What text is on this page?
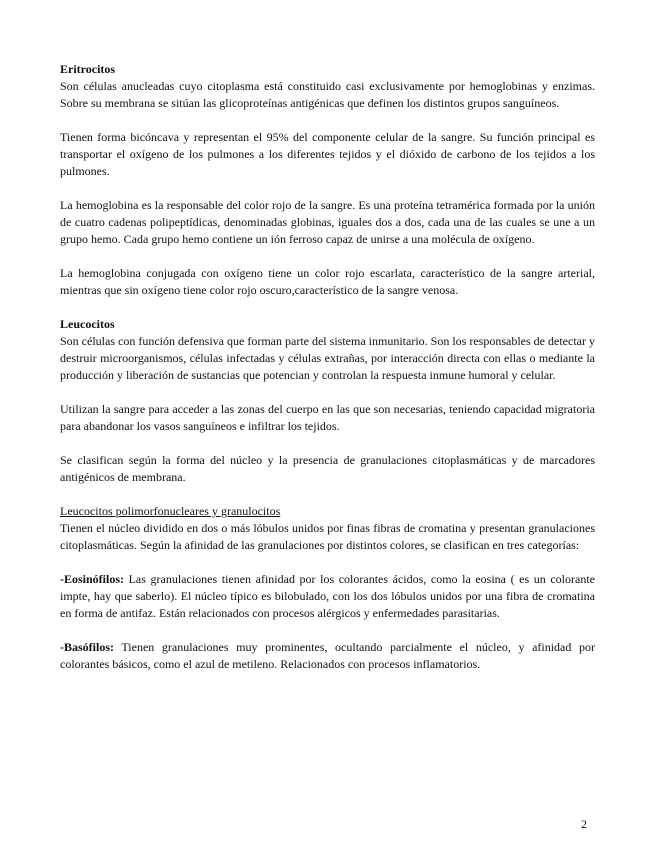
Eritrocitos

Son células anucleadas cuyo citoplasma está constituido casi exclusivamente por hemoglobinas y enzimas. Sobre su membrana se sitúan las glicoproteínas antigénicas que definen los distintos grupos sanguíneos.

Tienen forma bicóncava y representan el 95% del componente celular de la sangre. Su función principal es transportar el oxígeno de los pulmones a los diferentes tejidos y el dióxido de carbono de los tejidos a los pulmones.

La hemoglobina es la responsable del color rojo de la sangre. Es una proteína tetramérica formada por la unión de cuatro cadenas polipeptídicas, denominadas globinas, iguales dos a dos, cada una de las cuales se une a un grupo hemo. Cada grupo hemo contiene un ión ferroso capaz de unirse a una molécula de oxígeno.

La hemoglobina conjugada con oxígeno tiene un color rojo escarlata, característico de la sangre arterial, mientras que sin oxígeno tiene color rojo oscuro,característico de la sangre venosa.

Leucocitos

Son células con función defensiva que forman parte del sistema inmunitario. Son los responsables de detectar y destruir microorganismos, células infectadas y células extrañas, por interacción directa con ellas o mediante la producción y liberación de sustancias que potencian y controlan la respuesta inmune humoral y celular.

Utilizan la sangre para acceder a las zonas del cuerpo en las que son necesarias, teniendo capacidad migratoria para abandonar los vasos sanguíneos e infiltrar los tejidos.

Se clasifican según la forma del núcleo y la presencia de granulaciones citoplasmáticas y de marcadores antigénicos de membrana.

Leucocitos polimorfonucleares y granulocitos

Tienen el núcleo dividido en dos o más lóbulos unidos por finas fibras de cromatina y presentan granulaciones citoplasmáticas. Según la afinidad de las granulaciones por distintos colores, se clasifican en tres categorías:

-Eosinófilos: Las granulaciones tienen afinidad por los colorantes ácidos, como la eosina ( es un colorante impte, hay que saberlo). El núcleo típico es bilobulado, con los dos lóbulos unidos por una fibra de cromatina en forma de antifaz. Están relacionados con procesos alérgicos y enfermedades parasitarias.

-Basófilos: Tienen granulaciones muy prominentes, ocultando parcialmente el núcleo, y afinidad por colorantes básicos, como el azul de metileno. Relacionados con procesos inflamatorios.

2
